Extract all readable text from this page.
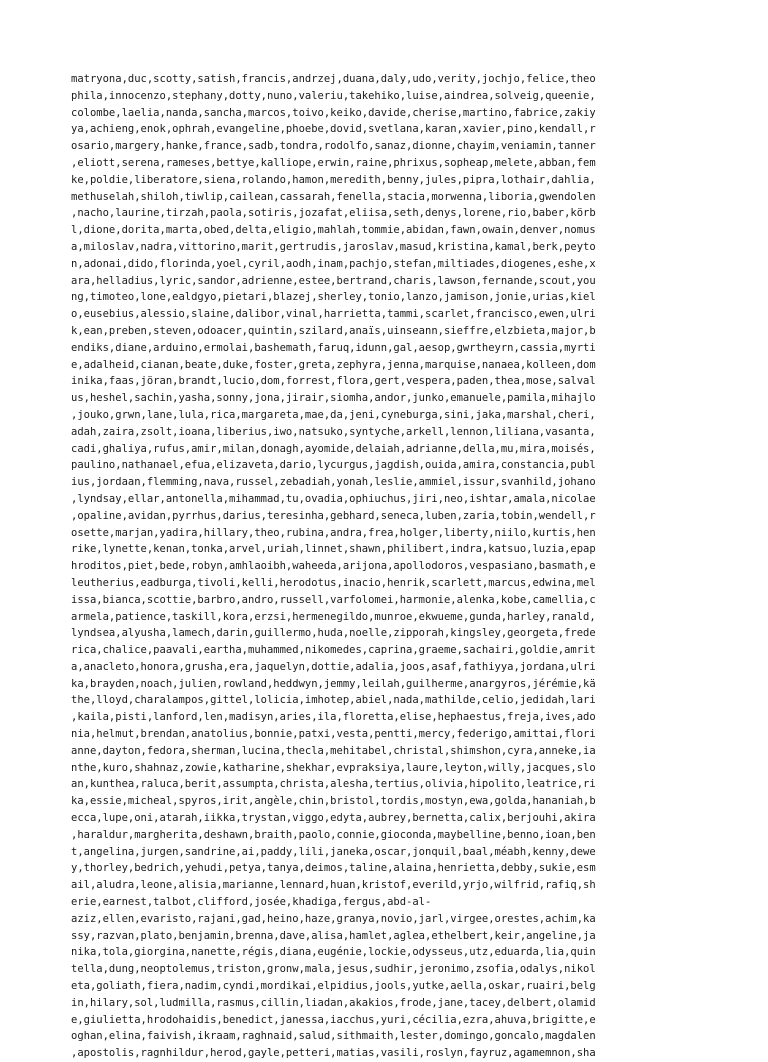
matryona,duc,scotty,satish,francis,andrzej,duana,daly,udo,verity,jochjo,felice,theo
phila,innocenzo,stephany,dotty,nuno,valeriu,takehiko,luise,aindrea,solveig,queenie,
colombe,laelia,nanda,sancha,marcos,toivo,keiko,davide,cherise,martino,fabrice,zakiy
ya,achieng,enok,ophrah,evangeline,phoebe,dovid,svetlana,karan,xavier,pino,kendall,r
osario,margery,hanke,france,sadb,tondra,rodolfo,sanaz,dionne,chayim,veniamin,tanner
,eliott,serena,rameses,bettye,kalliope,erwin,raine,phrixus,sopheap,melete,abban,fem
ke,poldie,liberatore,siena,rolando,hamon,meredith,benny,jules,pipra,lothair,dahlia,
methuselah,shiloh,tiwlip,cailean,cassarah,fenella,stacia,morwenna,liboria,gwendolen
,nacho,laurine,tirzah,paola,sotiris,jozafat,eliisa,seth,denys,lorene,rio,baber,körb
l,dione,dorita,marta,obed,delta,eligio,mahlah,tommie,abidan,fawn,owain,denver,nomus
a,miloslav,nadra,vittorino,marit,gertrudis,jaroslav,masud,kristina,kamal,berk,peyto
n,adonai,dido,florinda,yoel,cyril,aodh,inam,pachjo,stefan,miltiades,diogenes,eshe,x
ara,helladius,lyric,sandor,adrienne,estee,bertrand,charis,lawson,fernande,scout,you
ng,timoteo,lone,ealdgyo,pietari,blazej,sherley,tonio,lanzo,jamison,jonie,urias,kiel
o,eusebius,alessio,slaine,dalibor,vinal,harrietta,tammi,scarlet,francisco,ewen,ulri
k,ean,preben,steven,odoacer,quintin,szilard,anaïs,uinseann,sieffre,elzbieta,major,b
endiks,diane,arduino,ermolai,bashemath,faruq,idunn,gal,aesop,gwrtheyrn,cassia,myrti
e,adalheid,cianan,beate,duke,foster,greta,zephyra,jenna,marquise,nanaea,kolleen,dom
inika,faas,jöran,brandt,lucio,dom,forrest,flora,gert,vespera,paden,thea,mose,salval
us,heshel,sachin,yasha,sonny,jona,jirair,siomha,andor,junko,emanuele,pamila,mihajlo
,jouko,grwn,lane,lula,rica,margareta,mae,da,jeni,cyneburga,sini,jaka,marshal,cheri,
adah,zaira,zsolt,ioana,liberius,iwo,natsuko,syntyche,arkell,lennon,liliana,vasanta,
cadi,ghaliya,rufus,amir,milan,donagh,ayomide,delaiah,adrianne,della,mu,mira,moisés,
paulino,nathanael,efua,elizaveta,dario,lycurgus,jagdish,ouida,amira,constancia,publ
ius,jordaan,flemming,nava,russel,zebadiah,yonah,leslie,ammiel,issur,svanhild,johano
,lyndsay,ellar,antonella,mihammad,tu,ovadia,ophiuchus,jiri,neo,ishtar,amala,nicolae
,opaline,avidan,pyrrhus,darius,teresinha,gebhard,seneca,luben,zaria,tobin,wendell,r
osette,marjan,yadira,hillary,theo,rubina,andra,frea,holger,liberty,niilo,kurtis,hen
rike,lynette,kenan,tonka,arvel,uriah,linnet,shawn,philibert,indra,katsuo,luzia,epap
hroditos,piet,bede,robyn,amhlaoibh,waheeda,arijona,apollodoros,vespasiano,basmath,e
leutherius,eadburga,tivoli,kelli,herodotus,inacio,henrik,scarlett,marcus,edwina,mel
issa,bianca,scottie,barbro,andro,russell,varfolomei,harmonie,alenka,kobe,camellia,c
armela,patience,taskill,kora,erzsi,hermenegildo,munroe,ekwueme,gunda,harley,ranald,
lyndsea,alyusha,lamech,darin,guillermo,huda,noelle,zipporah,kingsley,georgeta,frede
rica,chalice,paavali,eartha,muhammed,nikomedes,caprina,graeme,sachairi,goldie,amrit
a,anacleto,honora,grusha,era,jaquelyn,dottie,adalia,joos,asaf,fathiyya,jordana,ulri
ka,brayden,noach,julien,rowland,heddwyn,jemmy,leilah,guilherme,anargyros,jérémie,kä
the,lloyd,charalampos,gittel,lolicia,imhotep,abiel,nada,mathilde,celio,jedidah,lari
,kaila,pisti,lanford,len,madisyn,aries,ila,floretta,elise,hephaestus,freja,ives,ado
nia,helmut,brendan,anatolius,bonnie,patxi,vesta,pentti,mercy,federigo,amittai,flori
anne,dayton,fedora,sherman,lucina,thecla,mehitabel,christal,shimshon,cyra,anneke,ia
nthe,kuro,shahnaz,zowie,katharine,shekhar,evpraksiya,laure,leyton,willy,jacques,slo
an,kunthea,raluca,berit,assumpta,christa,alesha,tertius,olivia,hipolito,leatrice,ri
ka,essie,micheal,spyros,irit,angèle,chin,bristol,tordis,mostyn,ewa,golda,hananiah,b
ecca,lupe,oni,atarah,iikka,trystan,viggo,edyta,aubrey,bernetta,calix,berjouhi,akira
,haraldur,margherita,deshawn,braith,paolo,connie,gioconda,maybelline,benno,ioan,ben
t,angelina,jurgen,sandrine,ai,paddy,lili,janeka,oscar,jonquil,baal,méabh,kenny,dewe
y,thorley,bedrich,yehudi,petya,tanya,deimos,taline,alaina,henrietta,debby,sukie,esm
ail,aludra,leone,alisia,marianne,lennard,huan,kristof,everild,yrjo,wilfrid,rafiq,sh
erie,earnest,talbot,clifford,josée,khadiga,fergus,abd-al-
aziz,ellen,evaristo,rajani,gad,heino,haze,granya,novio,jarl,virgee,orestes,achim,ka
ssy,razvan,plato,benjamin,brenna,dave,alisa,hamlet,aglea,ethelbert,keir,angeline,ja
nika,tola,giorgina,nanette,régis,diana,eugénie,lockie,odysseus,utz,eduarda,lia,quin
tella,dung,neoptolemus,triston,gronw,mala,jesus,sudhir,jeronimo,zsofia,odalys,nikol
eta,goliath,fiera,nadim,cyndi,mordikai,elpidius,jools,yutke,aella,oskar,ruairi,belg
in,hilary,sol,ludmilla,rasmus,cillin,liadan,akakios,frode,jane,tacey,delbert,olamid
e,giulietta,hrodohaidis,benedict,janessa,iacchus,yuri,cécilia,ezra,ahuva,brigitte,e
oghan,elina,faivish,ikraam,raghnaid,salud,sithmaith,lester,domingo,goncalo,magdalen
,apostolis,ragnhildur,herod,gayle,petteri,matias,vasili,roslyn,fayruz,agamemnon,sha
